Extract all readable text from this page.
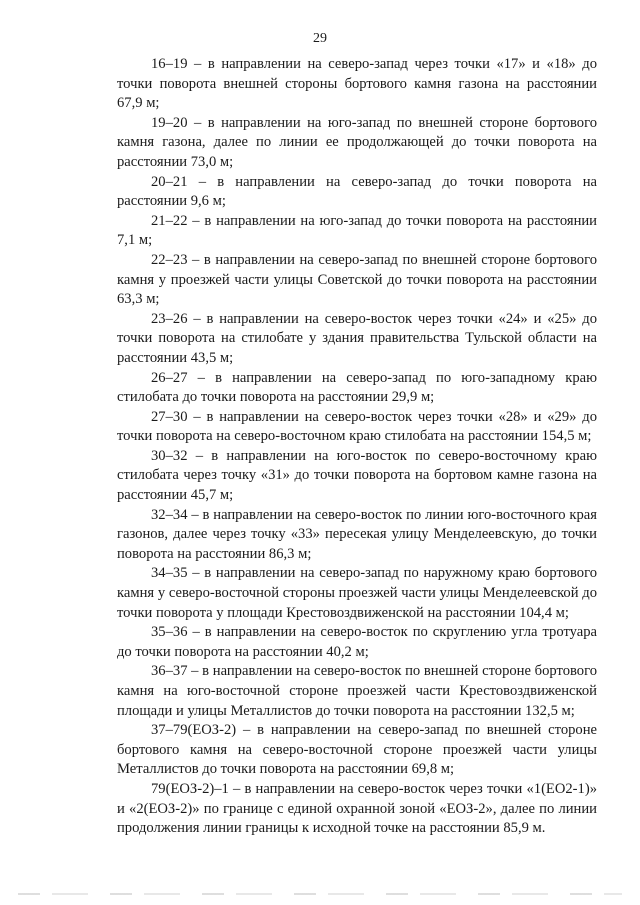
29

16–19 – в направлении на северо-запад через точки «17» и «18» до точки поворота внешней стороны бортового камня газона на расстоянии 67,9 м;

19–20 – в направлении на юго-запад по внешней стороне бортового камня газона, далее по линии ее продолжающей до точки поворота на расстоянии 73,0 м;

20–21 – в направлении на северо-запад до точки поворота на расстоянии 9,6 м;

21–22 – в направлении на юго-запад до точки поворота на расстоянии 7,1 м;

22–23 – в направлении на северо-запад по внешней стороне бортового камня у проезжей части улицы Советской до точки поворота на расстоянии 63,3 м;

23–26 – в направлении на северо-восток через точки «24» и «25» до точки поворота на стилобате у здания правительства Тульской области на расстоянии 43,5 м;

26–27 – в направлении на северо-запад по юго-западному краю стилобата до точки поворота на расстоянии 29,9 м;

27–30 – в направлении на северо-восток через точки «28» и «29» до точки поворота на северо-восточном краю стилобата на расстоянии 154,5 м;

30–32 – в направлении на юго-восток по северо-восточному краю стилобата через точку «31» до точки поворота на бортовом камне газона на расстоянии 45,7 м;

32–34 – в направлении на северо-восток по линии юго-восточного края газонов, далее через точку «33» пересекая улицу Менделеевскую, до точки поворота на расстоянии 86,3 м;

34–35 – в направлении на северо-запад по наружному краю бортового камня у северо-восточной стороны проезжей части улицы Менделеевской до точки поворота у площади Крестовоздвиженской на расстоянии 104,4 м;

35–36 – в направлении на северо-восток по скруглению угла тротуара до точки поворота на расстоянии 40,2 м;

36–37 – в направлении на северо-восток по внешней стороне бортового камня на юго-восточной стороне проезжей части Крестовоздвиженской площади и улицы Металлистов до точки поворота на расстоянии 132,5 м;

37–79(ЕОЗ-2) – в направлении на северо-запад по внешней стороне бортового камня на северо-восточной стороне проезжей части улицы Металлистов до точки поворота на расстоянии 69,8 м;

79(ЕОЗ-2)–1 – в направлении на северо-восток через точки «1(ЕО2-1)» и «2(ЕОЗ-2)» по границе с единой охранной зоной «ЕОЗ-2», далее по линии продолжения линии границы к исходной точке на расстоянии 85,9 м.
